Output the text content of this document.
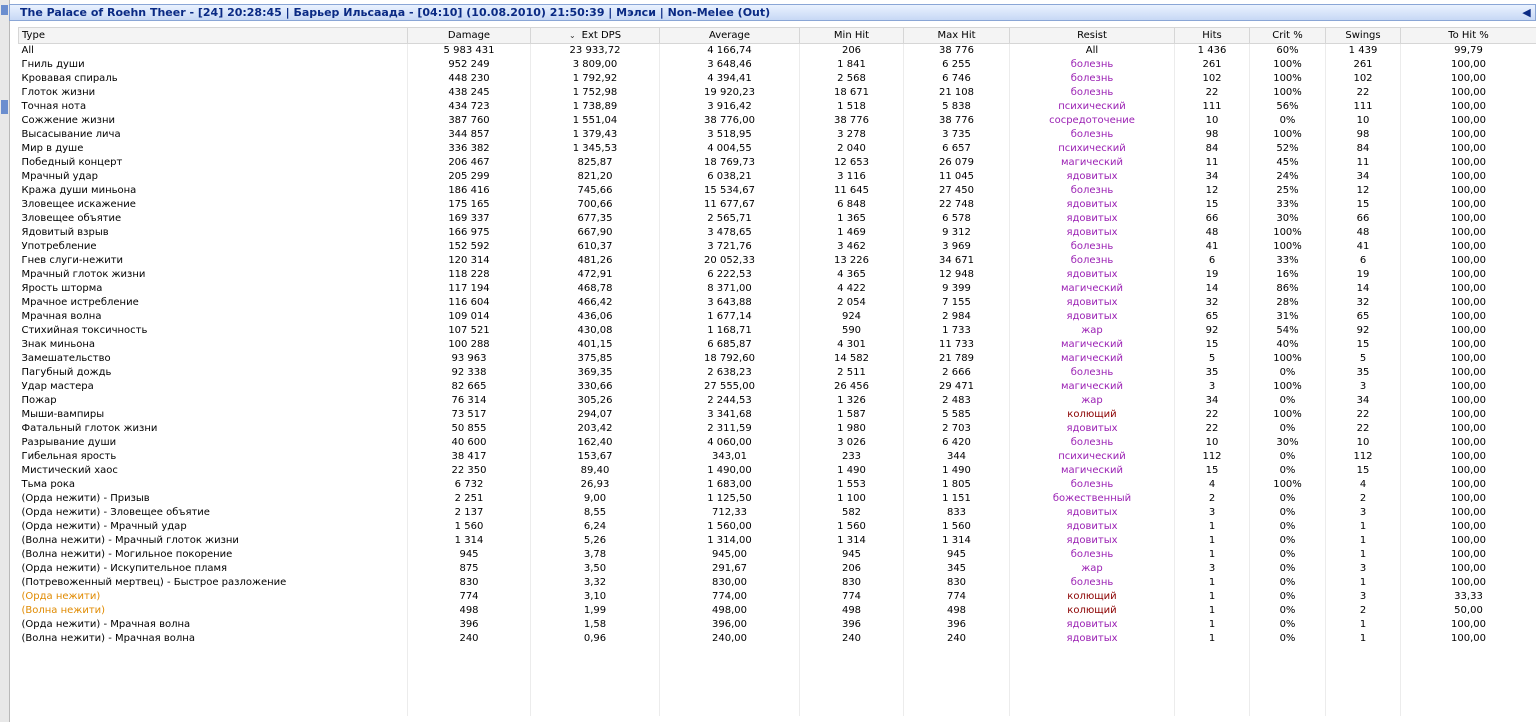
The Palace of Roehn Theer - [24] 20:28:45 | Барьер Ильсаада - [04:10] (10.08.2010) 21:50:39 | Мэлси | Non-Melee (Out)	◀
Type	Damage	⌄ Ext DPS	Average	Min Hit	Max Hit	Resist	Hits	Crit %	Swings	To Hit %
All	5 983 431	23 933,72	4 166,74	206	38 776	All	1 436	60%	1 439	99,79
Гниль души	952 249	3 809,00	3 648,46	1 841	6 255	болезнь	261	100%	261	100,00
Кровавая спираль	448 230	1 792,92	4 394,41	2 568	6 746	болезнь	102	100%	102	100,00
Глоток жизни	438 245	1 752,98	19 920,23	18 671	21 108	болезнь	22	100%	22	100,00
Точная нота	434 723	1 738,89	3 916,42	1 518	5 838	психический	111	56%	111	100,00
Сожжение жизни	387 760	1 551,04	38 776,00	38 776	38 776	сосредоточение	10	0%	10	100,00
Высасывание лича	344 857	1 379,43	3 518,95	3 278	3 735	болезнь	98	100%	98	100,00
Мир в душе	336 382	1 345,53	4 004,55	2 040	6 657	психический	84	52%	84	100,00
Победный концерт	206 467	825,87	18 769,73	12 653	26 079	магический	11	45%	11	100,00
Мрачный удар	205 299	821,20	6 038,21	3 116	11 045	ядовитых	34	24%	34	100,00
Кража души миньона	186 416	745,66	15 534,67	11 645	27 450	болезнь	12	25%	12	100,00
Зловещее искажение	175 165	700,66	11 677,67	6 848	22 748	ядовитых	15	33%	15	100,00
Зловещее объятие	169 337	677,35	2 565,71	1 365	6 578	ядовитых	66	30%	66	100,00
Ядовитый взрыв	166 975	667,90	3 478,65	1 469	9 312	ядовитых	48	100%	48	100,00
Употребление	152 592	610,37	3 721,76	3 462	3 969	болезнь	41	100%	41	100,00
Гнев слуги-нежити	120 314	481,26	20 052,33	13 226	34 671	болезнь	6	33%	6	100,00
Мрачный глоток жизни	118 228	472,91	6 222,53	4 365	12 948	ядовитых	19	16%	19	100,00
Ярость шторма	117 194	468,78	8 371,00	4 422	9 399	магический	14	86%	14	100,00
Мрачное истребление	116 604	466,42	3 643,88	2 054	7 155	ядовитых	32	28%	32	100,00
Мрачная волна	109 014	436,06	1 677,14	924	2 984	ядовитых	65	31%	65	100,00
Стихийная токсичность	107 521	430,08	1 168,71	590	1 733	жар	92	54%	92	100,00
Знак миньона	100 288	401,15	6 685,87	4 301	11 733	магический	15	40%	15	100,00
Замешательство	93 963	375,85	18 792,60	14 582	21 789	магический	5	100%	5	100,00
Пагубный дождь	92 338	369,35	2 638,23	2 511	2 666	болезнь	35	0%	35	100,00
Удар мастера	82 665	330,66	27 555,00	26 456	29 471	магический	3	100%	3	100,00
Пожар	76 314	305,26	2 244,53	1 326	2 483	жар	34	0%	34	100,00
Мыши-вампиры	73 517	294,07	3 341,68	1 587	5 585	колющий	22	100%	22	100,00
Фатальный глоток жизни	50 855	203,42	2 311,59	1 980	2 703	ядовитых	22	0%	22	100,00
Разрывание души	40 600	162,40	4 060,00	3 026	6 420	болезнь	10	30%	10	100,00
Гибельная ярость	38 417	153,67	343,01	233	344	психический	112	0%	112	100,00
Мистический хаос	22 350	89,40	1 490,00	1 490	1 490	магический	15	0%	15	100,00
Тьма рока	6 732	26,93	1 683,00	1 553	1 805	болезнь	4	100%	4	100,00
(Орда нежити) - Призыв	2 251	9,00	1 125,50	1 100	1 151	божественный	2	0%	2	100,00
(Орда нежити) - Зловещее объятие	2 137	8,55	712,33	582	833	ядовитых	3	0%	3	100,00
(Орда нежити) - Мрачный удар	1 560	6,24	1 560,00	1 560	1 560	ядовитых	1	0%	1	100,00
(Волна нежити) - Мрачный глоток жизни	1 314	5,26	1 314,00	1 314	1 314	ядовитых	1	0%	1	100,00
(Волна нежити) - Могильное покорение	945	3,78	945,00	945	945	болезнь	1	0%	1	100,00
(Орда нежити) - Искупительное пламя	875	3,50	291,67	206	345	жар	3	0%	3	100,00
(Потревоженный мертвец) - Быстрое разложение	830	3,32	830,00	830	830	болезнь	1	0%	1	100,00
(Орда нежити)	774	3,10	774,00	774	774	колющий	1	0%	3	33,33
(Волна нежити)	498	1,99	498,00	498	498	колющий	1	0%	2	50,00
(Орда нежити) - Мрачная волна	396	1,58	396,00	396	396	ядовитых	1	0%	1	100,00
(Волна нежити) - Мрачная волна	240	0,96	240,00	240	240	ядовитых	1	0%	1	100,00
